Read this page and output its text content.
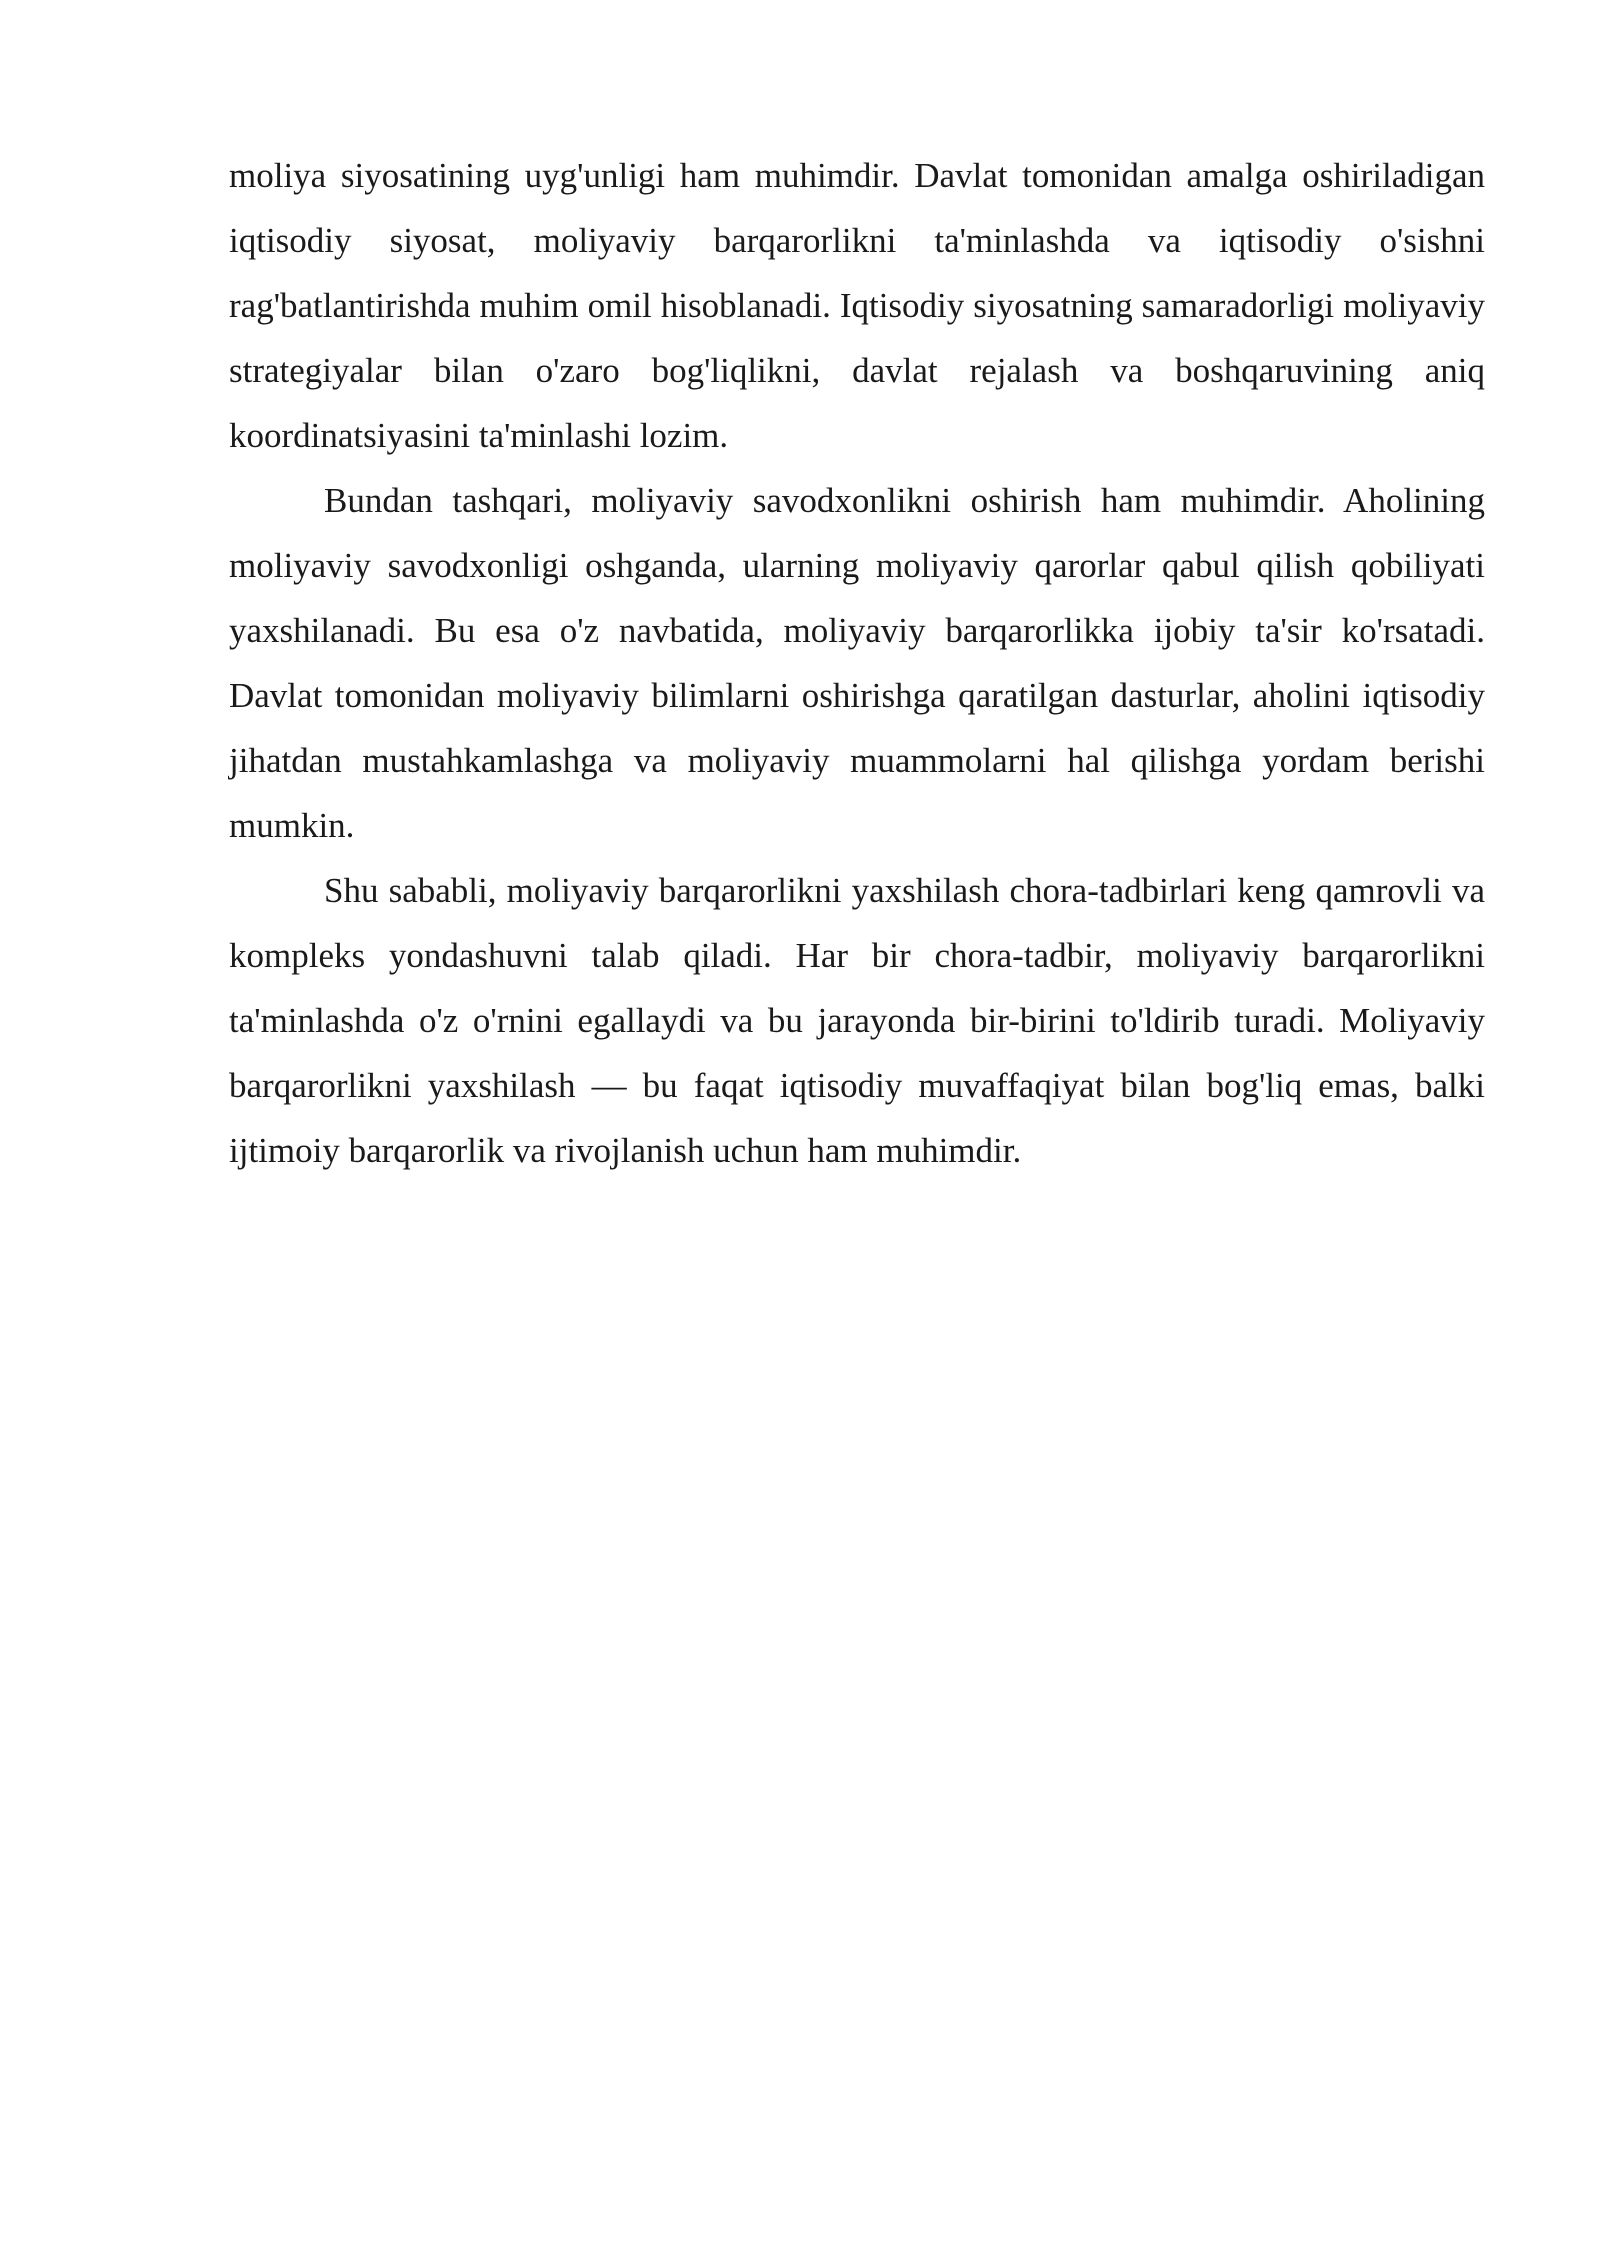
moliya siyosatining uyg'unligi ham muhimdir. Davlat tomonidan amalga oshiriladigan iqtisodiy siyosat, moliyaviy barqarorlikni ta'minlashda va iqtisodiy o'sishni rag'batlantirishda muhim omil hisoblanadi. Iqtisodiy siyosatning samaradorligi moliyaviy strategiyalar bilan o'zaro bog'liqlikni, davlat rejalash va boshqaruvining aniq koordinatsiyasini ta'minlashi lozim.

Bundan tashqari, moliyaviy savodxonlikni oshirish ham muhimdir. Aholining moliyaviy savodxonligi oshganda, ularning moliyaviy qarorlar qabul qilish qobiliyati yaxshilanadi. Bu esa o'z navbatida, moliyaviy barqarorlikka ijobiy ta'sir ko'rsatadi. Davlat tomonidan moliyaviy bilimlarni oshirishga qaratilgan dasturlar, aholini iqtisodiy jihatdan mustahkamlashga va moliyaviy muammolarni hal qilishga yordam berishi mumkin.

Shu sababli, moliyaviy barqarorlikni yaxshilash chora-tadbirlari keng qamrovli va kompleks yondashuvni talab qiladi. Har bir chora-tadbir, moliyaviy barqarorlikni ta'minlashda o'z o'rnini egallaydi va bu jarayonda bir-birini to'ldirib turadi. Moliyaviy barqarorlikni yaxshilash — bu faqat iqtisodiy muvaffaqiyat bilan bog'liq emas, balki ijtimoiy barqarorlik va rivojlanish uchun ham muhimdir.
